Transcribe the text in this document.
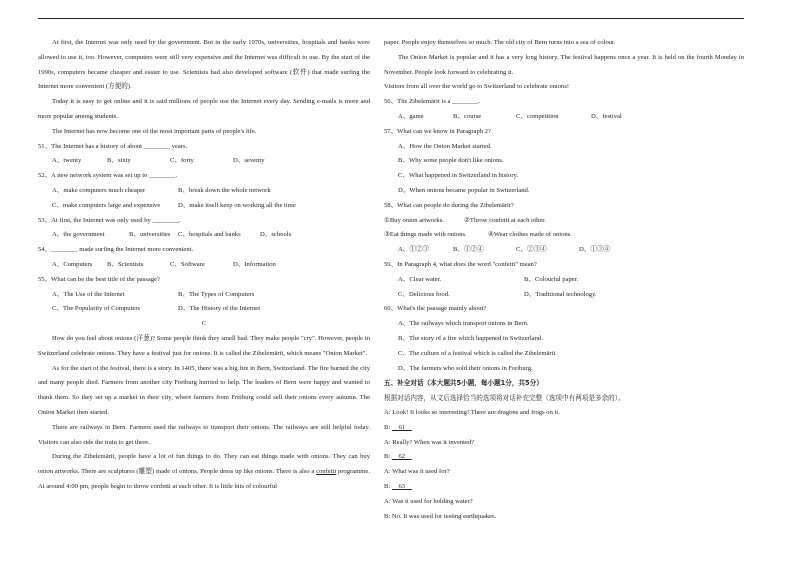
At first, the Internet was only used by the government. But in the early 1970s, universities, hospitals and banks were allowed to use it, too. However, computers were still very expensive and the Internet was difficult to use. By the start of the 1990s, computers became cheaper and easier to use. Scientists had also developed software (软件) that made surfing the Internet more convenient (方便的).

Today it is easy to get online and it is said millions of people use the Internet every day. Sending e-mails is more and more popular among students.

The Internet has now become one of the most important parts of people's life.

51、The Internet has a history of about ________ years.

A、twenty	B、sixty	C、forty	D、seventy

52、A new network system was set up to ________.

A、make computers much cheaper	B、break down the whole network

C、make computers large and expensive	D、make itself keep on working all the time

53、At first, the Internet was only used by ________.

A、the government	B、universities	C、hospitals and banks	D、schools

54、________ made surfing the Internet more convenient.

A、Computers	B、Scientists	C、Software	D、Information

55、What can be the best title of the passage?

A、The Use of the Internet	B、The Types of Computers

C、The Popularity of Computers	D、The History of the Internet

C

How do you feel about onions (洋葱)? Some people think they smell bad. They make people "cry". However, people in Switzerland celebrate onions. They have a festival just for onions. It is called the Zibelemärit, which means "Onion Market".

As for the start of the festival, there is a story. In 1405, there was a big fire in Bern, Switzerland. The fire burned the city and many people died. Farmers from another city Freiburg hurried to help. The leaders of Bern were happy and wanted to thank them. So they set up a market in their city, where farmers from Freiburg could sell their onions every autumn. The Onion Market then started.

There are railways in Bern. Farmers used the railways to transport their onions. The railways are still helpful today. Visitors can also ride the train to get there.

During the Zibelemärit, people have a lot of fun things to do. They can eat things made with onions. They can buy onion artworks. There are sculptures (雕塑) made of onions. People dress up like onions. There is also a confetti programme. At around 4:00 pm, people begin to throw confetti at each other. It is little bits of colourful

paper. People enjoy themselves so much. The old city of Bern turns into a sea of colour.

The Onion Market is popular and it has a very long history. The festival happens once a year. It is held on the fourth Monday in November. People look forward to celebrating it.

Visitors from all over the world go to Switzerland to celebrate onions!

56、The Zibelemärit is a ________.

A、game	B、course	C、competition	D、festival

57、What can we know in Paragraph 2?

A、How the Onion Market started.

B、Why some people don't like onions.

C、What happened in Switzerland in history.

D、When onions became popular in Switzerland.

58、What can people do during the Zibelemärit?

①Buy onion artworks.	②Throw confetti at each other.

③Eat things made with onions.	④Wear clothes made of onions.

A、①②③	B、①②④	C、②③④	D、①③④

59、In Paragraph 4, what does the word "confetti" mean?

A、Clear water.	B、Colourful paper.

C、Delicious food.	D、Traditional technology.

60、What's the passage mainly about?

A、The railways which transport onions in Bern.

B、The story of a fire which happened in Switzerland.

C、The culture of a festival which is called the Zibelemärit.

D、The farmers who sold their onions in Freiburg.

五、补全对话（本大题共5小题，每小题1分，共5分）

根据对话内容，从文后选择恰当的选项将对话补充完整（选项中有两项是多余的）。

A: Look! It looks so interesting! There are dragons and frogs on it.

B:     61

A: Really? When was it invented?

B:     62

A: What was it used for?

B:     63

A: Was it used for holding water?

B: No. It was used for testing earthquakes.
